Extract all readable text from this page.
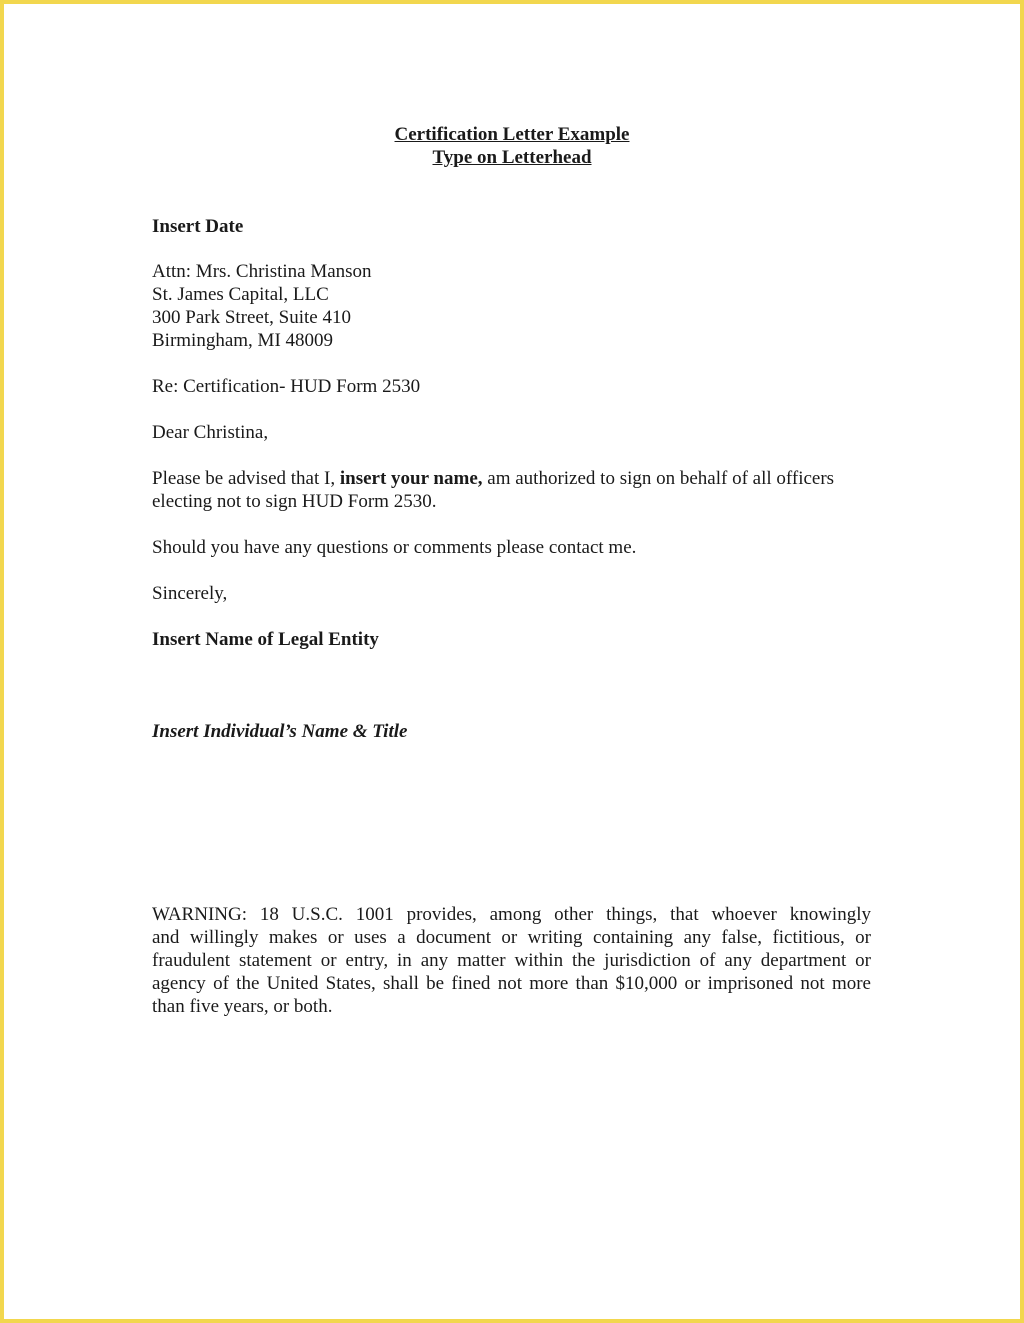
Certification Letter Example
Type on Letterhead
Insert Date
Attn: Mrs. Christina Manson
St. James Capital, LLC
300 Park Street, Suite 410
Birmingham, MI 48009
Re: Certification- HUD Form 2530
Dear Christina,
Please be advised that I, insert your name, am authorized to sign on behalf of all officers
electing not to sign HUD Form 2530.
Should you have any questions or comments please contact me.
Sincerely,
Insert Name of Legal Entity
Insert Individual’s Name & Title
WARNING: 18 U.S.C. 1001 provides, among other things, that whoever knowingly
and willingly makes or uses a document or writing containing any false, fictitious, or
fraudulent statement or entry, in any matter within the jurisdiction of any department or
agency of the United States, shall be fined not more than $10,000 or imprisoned not more
than five years, or both.
